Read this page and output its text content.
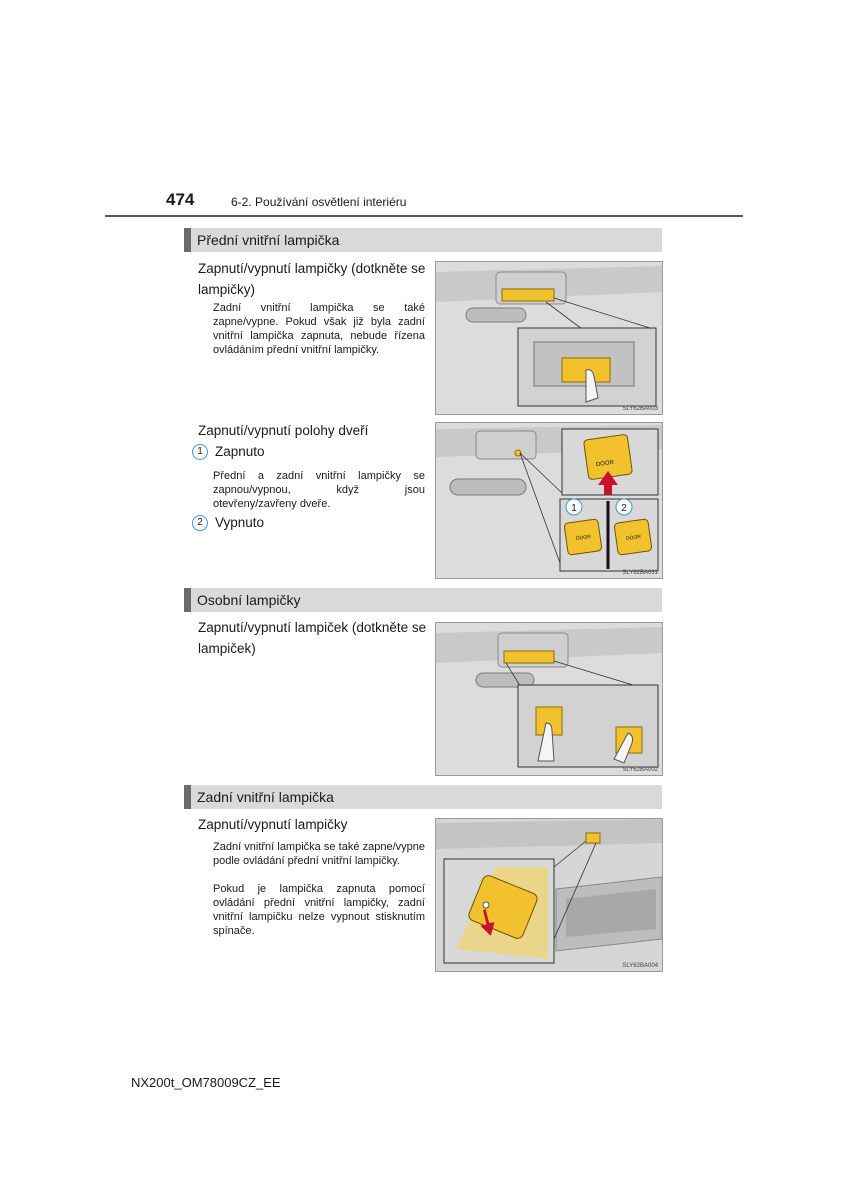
474	6-2. Používání osvětlení interiéru
Přední vnitřní lampička
Zapnutí/vypnutí lampičky (dotkněte se lampičky)
Zadní vnitřní lampička se také zapne/vypne. Pokud však již byla zadní vnitřní lampička zapnuta, nebude řízena ovládáním přední vnitřní lampičky.
SLY62BA003
Zapnutí/vypnutí polohy dveří
1 Zapnuto
Přední a zadní vnitřní lampičky se zapnou/vypnou, když jsou otevřeny/zavřeny dveře.
2 Vypnuto
1	2
DOOR
DOOR	DOOR
SLY62BA031
Osobní lampičky
Zapnutí/vypnutí lampiček (dotkněte se lampiček)
SLY62BA002
Zadní vnitřní lampička
Zapnutí/vypnutí lampičky
Zadní vnitřní lampička se také zapne/vypne podle ovládání přední vnitřní lampičky.
Pokud je lampička zapnuta pomocí ovládání přední vnitřní lampičky, zadní vnitřní lampičku nelze vypnout stisknutím spínače.
SLY62BA004
NX200t_OM78009CZ_EE
